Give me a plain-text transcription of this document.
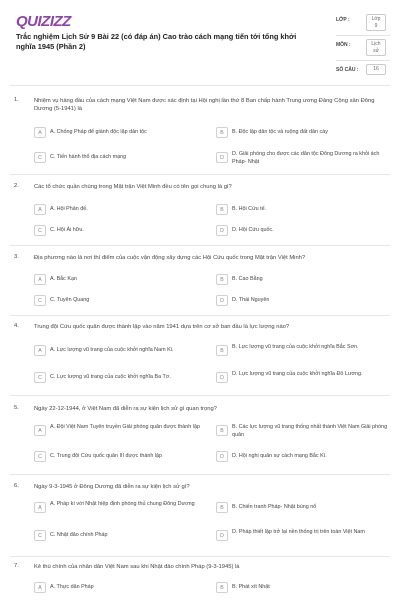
QUIZIZZ
Trắc nghiệm Lịch Sử 9 Bài 22 (có đáp án) Cao trào cách mạng tiến tới tổng khởi nghĩa 1945 (Phần 2)
LỚP :	Lớp
9
MÔN :	Lịch
sử
SỐ CÂU :	16
1.	Nhiệm vụ hàng đầu của cách mạng Việt Nam được xác định tại Hội nghị lần thứ 8 Ban chấp hành Trung ương Đảng Cộng sản Đông Dương (5-1941) là
A	A. Chống Pháp để giành độc lập dân tộc	B	B. Độc lập dân tộc và ruộng đất dân cày
C	C. Tiến hành thổ địa cách mạng	D
D. Giải phóng cho được các dân tộc Đông Dương ra khỏi ách Pháp- Nhật
2.	Các tổ chức quần chúng trong Mặt trận Việt Minh đều có tên gọi chung là gì?
A	A. Hội Phản đế.	B	B. Hội Cứu tế.
C	C. Hội Ái hữu.	D	D. Hội Cứu quốc.
3.	Địa phương nào là nơi thí điểm của cuộc vận động xây dựng các Hội Cứu quốc trong Mặt trận Việt Minh?
A	A. Bắc Kạn	B	B. Cao Bằng
C	C. Tuyên Quang	D	D. Thái Nguyên
4.	Trung đội Cứu quốc quân được thành lập vào năm 1941 dựa trên cơ sở ban đầu là lực lượng nào?
A	A. Lực lượng vũ trang của cuộc khởi nghĩa Nam Kì.	B
B. Lực lượng vũ trang của cuộc khởi nghĩa Bắc Sơn.
C	C. Lực lượng vũ trang của cuộc khởi nghĩa Ba Tơ.	D
D. Lực lượng vũ trang của cuộc khởi nghĩa Đô Lương.
5.	Ngày 22-12-1944, ở Việt Nam đã diễn ra sự kiện lịch sử gì quan trọng?
A
A. Đội Việt Nam Tuyên truyền Giải phóng quân được thành lập
B
B. Các lực lượng vũ trang thống nhất thành Việt Nam Giải phóng quân
C	C. Trung đội Cứu quốc quân III được thành lập	D	D. Hội nghị quân sự cách mạng Bắc Kì.
6.	Ngày 9-3-1945 ở Đông Dương đã diễn ra sự kiện lịch sử gì?
A
A. Pháp kí với Nhật hiệp định phòng thủ chung Đông Dương
B	B. Chiến tranh Pháp- Nhật bùng nổ
C	C. Nhật đảo chính Pháp	D
D. Pháp thiết lập trở lại nền thống trị trên toàn Việt Nam
7.	Kẻ thù chính của nhân dân Việt Nam sau khi Nhật đảo chính Pháp (9-3-1945) là
A	A. Thực dân Pháp	B	B. Phát xít Nhật
